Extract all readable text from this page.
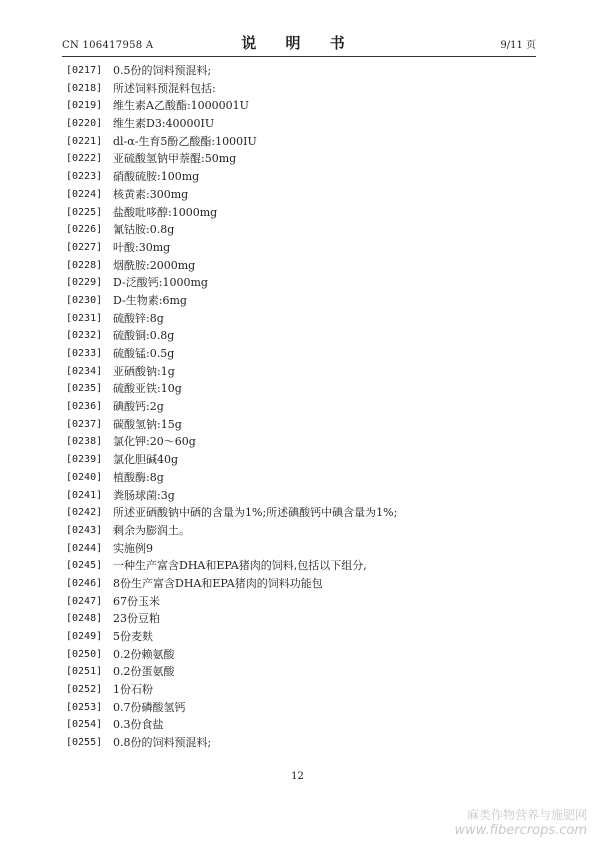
CN 106417958 A	说 明 书	9/11 页
[0217] 0.5份的饲料预混料;
[0218] 所述饲料预混料包括:
[0219] 维生素A乙酸酯:1000001U
[0220] 维生素D3:40000IU
[0221] dl-α-生育5酚乙酸酯:1000IU
[0222] 亚硫酸氢钠甲萘醌:50mg
[0223] 硝酸硫胺:100mg
[0224] 核黄素:300mg
[0225] 盐酸吡哆醇:1000mg
[0226] 氰钴胺:0.8g
[0227] 叶酸:30mg
[0228] 烟酰胺:2000mg
[0229] D-泛酸钙:1000mg
[0230] D-生物素:6mg
[0231] 硫酸锌:8g
[0232] 硫酸铜:0.8g
[0233] 硫酸锰:0.5g
[0234] 亚硒酸钠:1g
[0235] 硫酸亚铁:10g
[0236] 碘酸钙:2g
[0237] 碳酸氢钠:15g
[0238] 氯化钾:20～60g
[0239] 氯化胆碱40g
[0240] 植酸酶:8g
[0241] 粪肠球菌:3g
[0242] 所述亚硒酸钠中硒的含量为1%;所述碘酸钙中碘含量为1%;
[0243] 剩余为膨润土。
[0244] 实施例9
[0245] 一种生产富含DHA和EPA猪肉的饲料,包括以下组分,
[0246] 8份生产富含DHA和EPA猪肉的饲料功能包
[0247] 67份玉米
[0248] 23份豆粕
[0249] 5份麦麸
[0250] 0.2份赖氨酸
[0251] 0.2份蛋氨酸
[0252] 1份石粉
[0253] 0.7份磷酸氢钙
[0254] 0.3份食盐
[0255] 0.8份的饲料预混料;
12
麻类作物营养与施肥网
www.fibercrops.com
